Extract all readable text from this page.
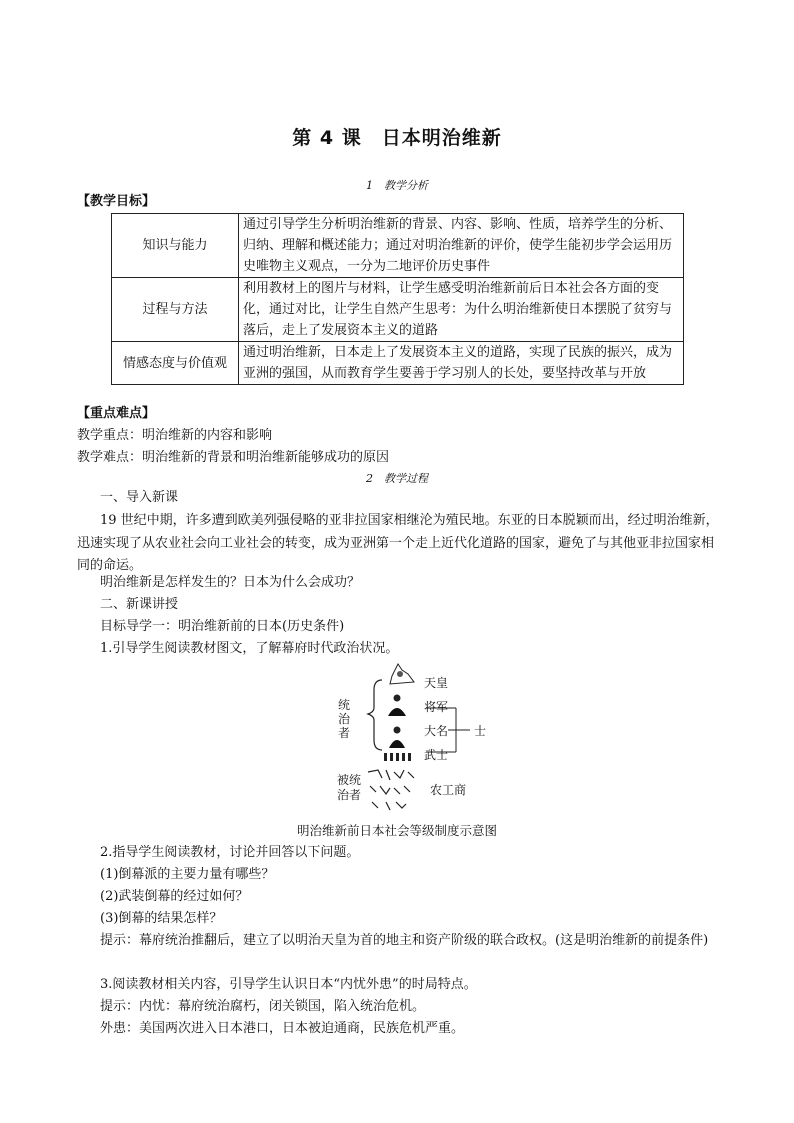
第 4 课　日本明治维新
1　教学分析
【教学目标】
知识与能力	通过引导学生分析明治维新的背景、内容、影响、性质，培养学生的分析、归纳、理解和概述能力；通过对明治维新的评价，使学生能初步学会运用历史唯物主义观点，一分为二地评价历史事件
过程与方法	利用教材上的图片与材料，让学生感受明治维新前后日本社会各方面的变化，通过对比，让学生自然产生思考：为什么明治维新使日本摆脱了贫穷与落后，走上了发展资本主义的道路
情感态度与价值观	通过明治维新，日本走上了发展资本主义的道路，实现了民族的振兴，成为亚洲的强国，从而教育学生要善于学习别人的长处，要坚持改革与开放
【重点难点】
教学重点：明治维新的内容和影响
教学难点：明治维新的背景和明治维新能够成功的原因
2　教学过程
一、导入新课
19 世纪中期，许多遭到欧美列强侵略的亚非拉国家相继沦为殖民地。东亚的日本脱颖而出，经过明治维新，迅速实现了从农业社会向工业社会的转变，成为亚洲第一个走上近代化道路的国家，避免了与其他亚非拉国家相同的命运。
明治维新是怎样发生的？日本为什么会成功？
二、新课讲授
目标导学一：明治维新前的日本(历史条件)
1.引导学生阅读教材图文，了解幕府时代政治状况。
统治者
被统治者
天皇
将军
大名
武士
士
农工商
明治维新前日本社会等级制度示意图
2.指导学生阅读教材，讨论并回答以下问题。
(1)倒幕派的主要力量有哪些？
(2)武装倒幕的经过如何？
(3)倒幕的结果怎样？
提示：幕府统治推翻后，建立了以明治天皇为首的地主和资产阶级的联合政权。(这是明治维新的前提条件)
3.阅读教材相关内容，引导学生认识日本“内忧外患”的时局特点。
提示：内忧：幕府统治腐朽，闭关锁国，陷入统治危机。
外患：美国两次进入日本港口，日本被迫通商，民族危机严重。
